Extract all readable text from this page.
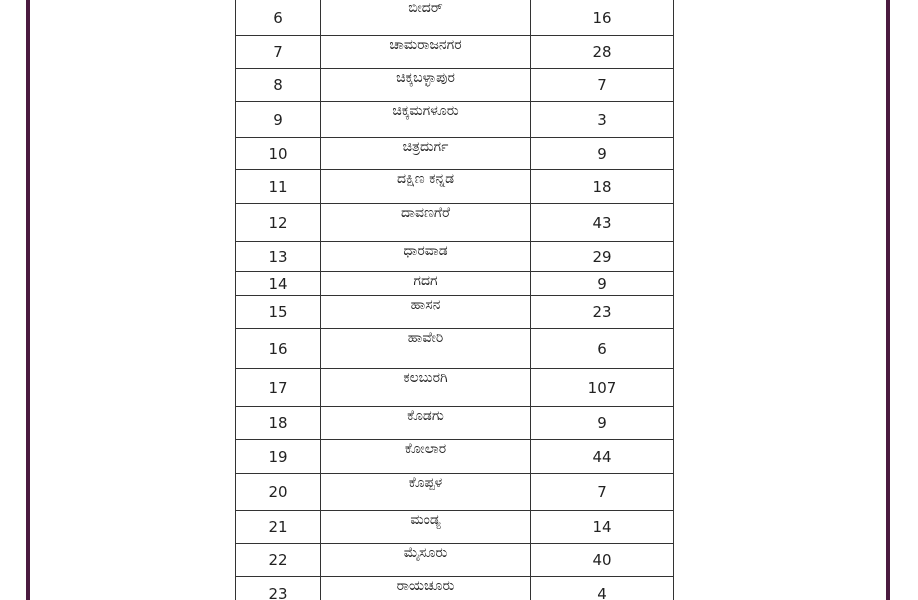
6	ಬೀದರ್	16
7	ಚಾಮರಾಜನಗರ	28
8	ಚಿಕ್ಕಬಳ್ಳಾಪುರ	7
9	ಚಿಕ್ಕಮಗಳೂರು	3
10	ಚಿತ್ರದುರ್ಗ	9
11	ದಕ್ಷಿಣ ಕನ್ನಡ	18
12	ದಾವಣಗೆರೆ	43
13	ಧಾರವಾಡ	29
14	ಗದಗ	9
15	ಹಾಸನ	23
16	ಹಾವೇರಿ	6
17	ಕಲಬುರಗಿ	107
18	ಕೊಡಗು	9
19	ಕೋಲಾರ	44
20	ಕೊಪ್ಪಳ	7
21	ಮಂಡ್ಯ	14
22	ಮೈಸೂರು	40
23	ರಾಯಚೂರು	4
